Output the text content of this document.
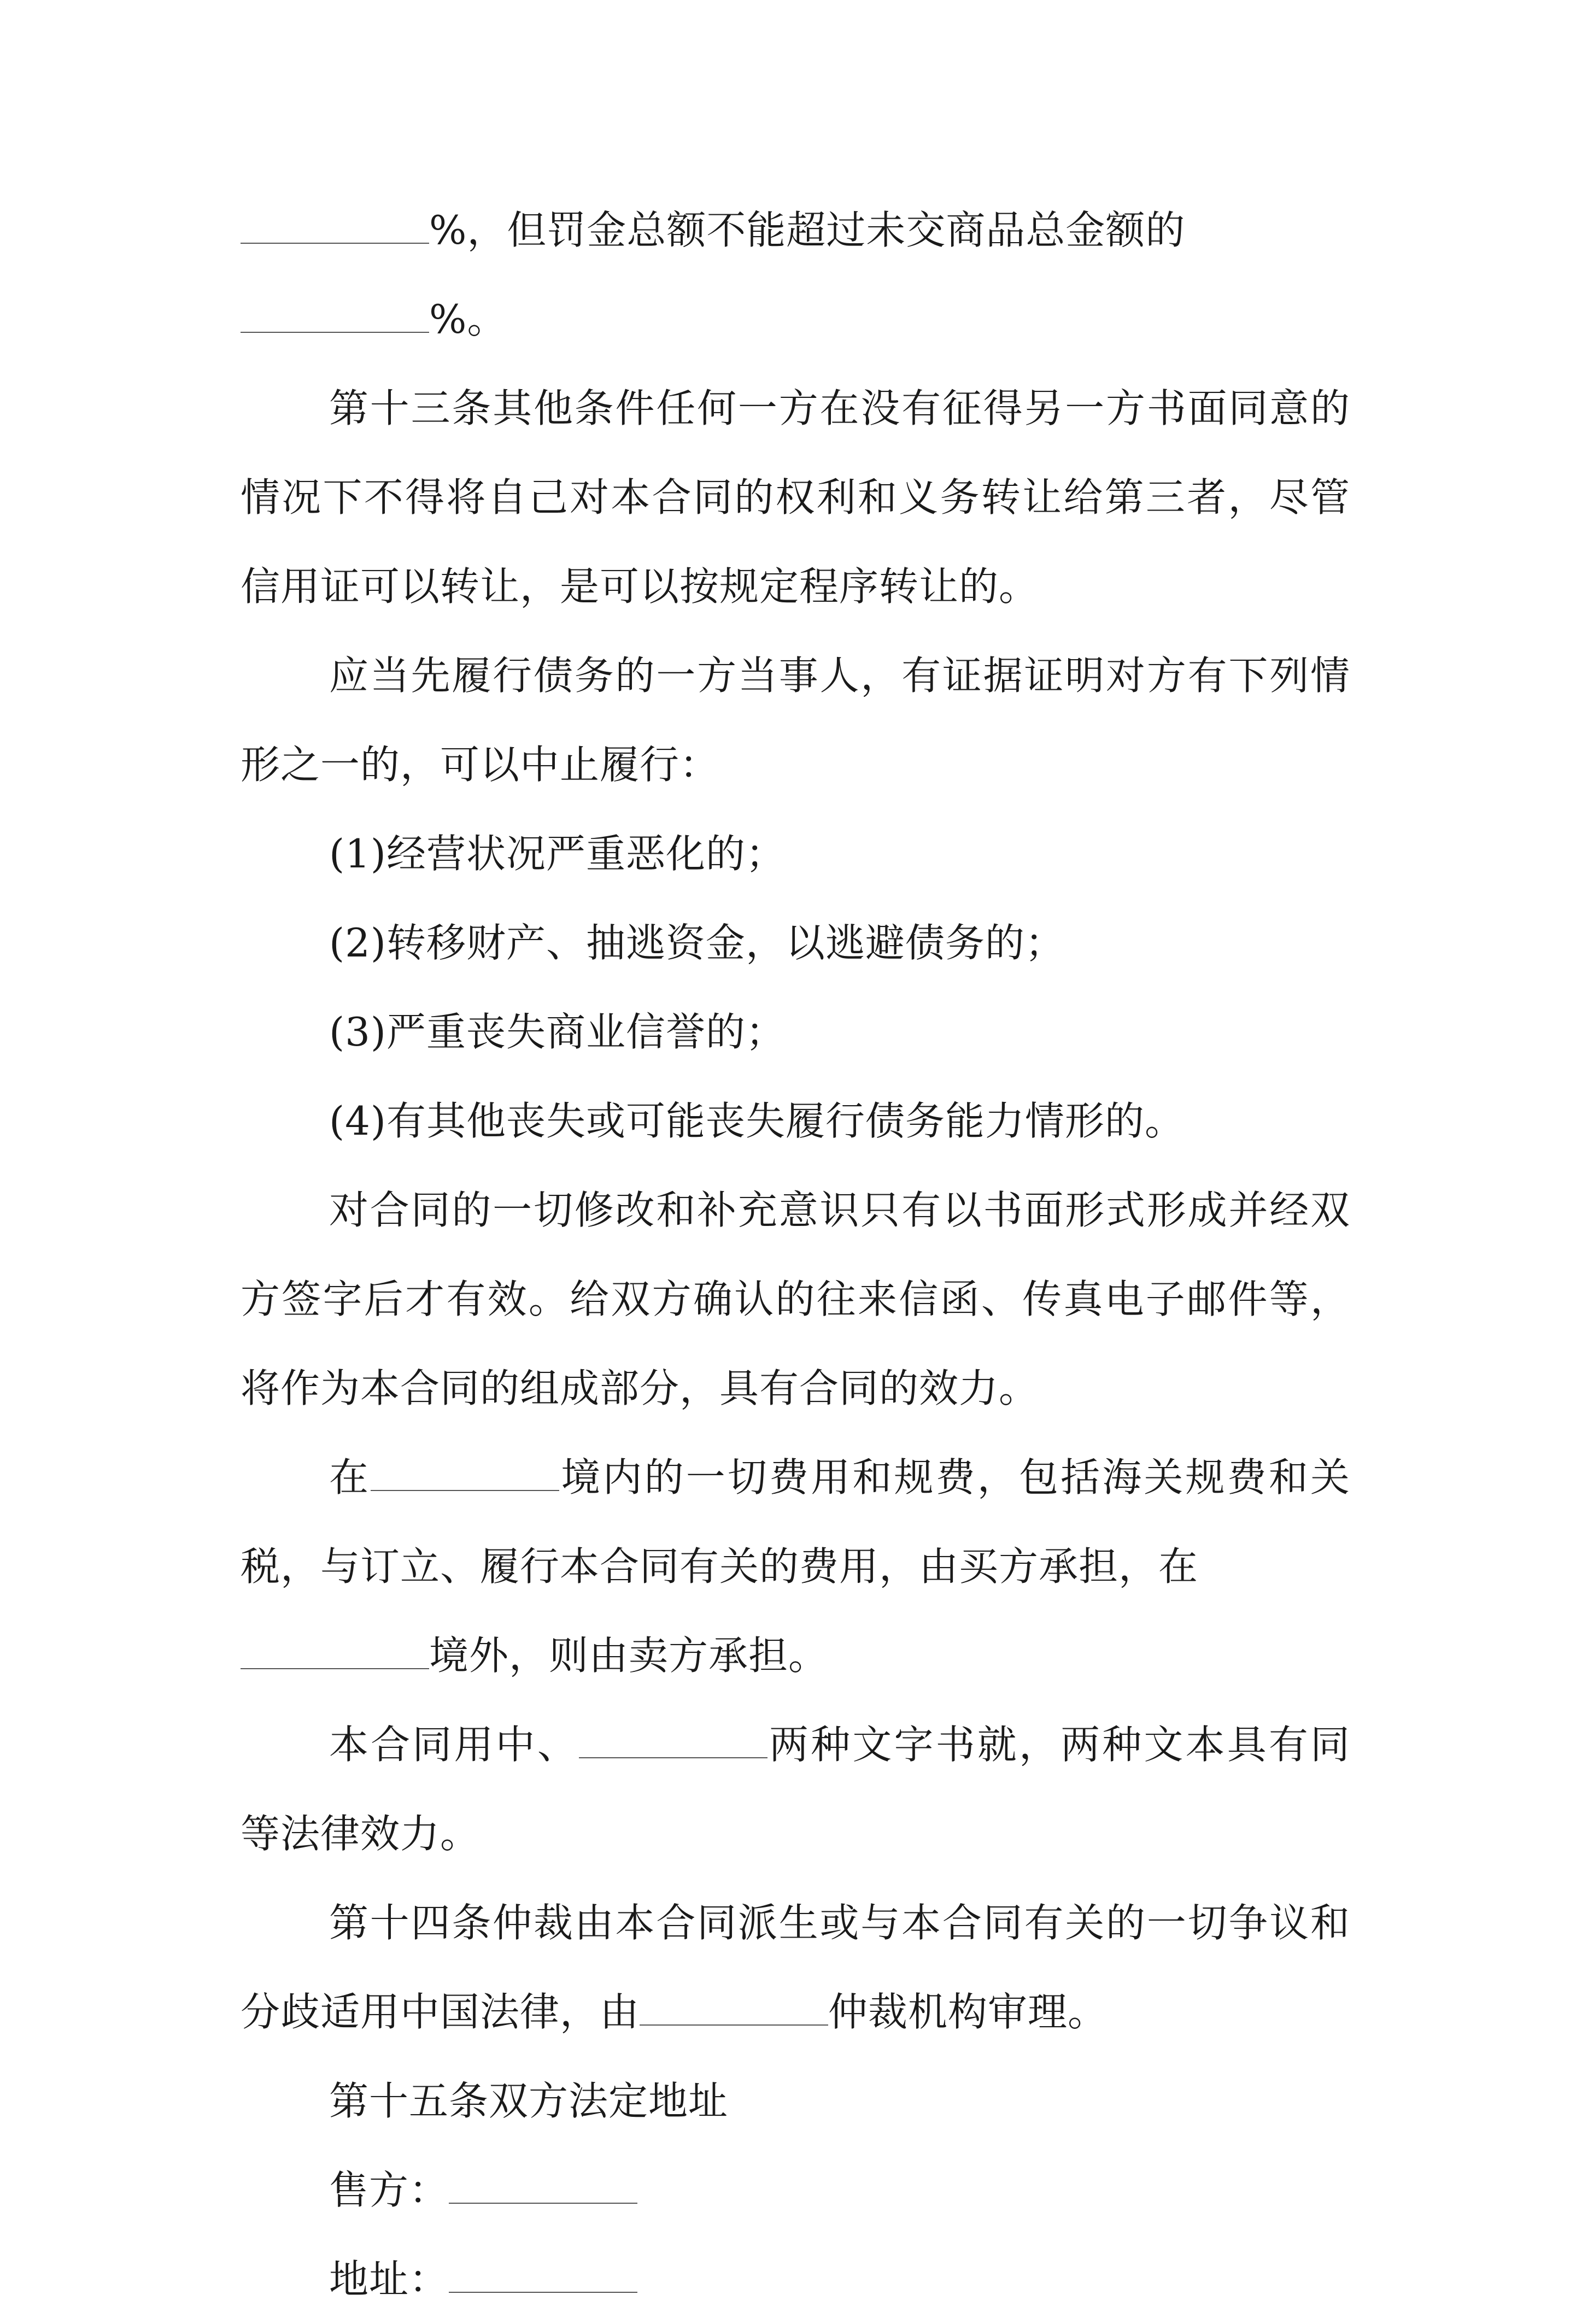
%，但罚金总额不能超过未交商品总金额的
%。

第十三条其他条件任何一方在没有征得另一方书面同意的情况下不得将自己对本合同的权利和义务转让给第三者，尽管信用证可以转让，是可以按规定程序转让的。

应当先履行债务的一方当事人，有证据证明对方有下列情形之一的，可以中止履行：

(1)经营状况严重恶化的；

(2)转移财产、抽逃资金，以逃避债务的；

(3)严重丧失商业信誉的；

(4)有其他丧失或可能丧失履行债务能力情形的。

对合同的一切修改和补充意识只有以书面形式形成并经双方签字后才有效。给双方确认的往来信函、传真电子邮件等，将作为本合同的组成部分，具有合同的效力。

在	境内的一切费用和规费，包括海关规费和关税，与订立、履行本合同有关的费用，由买方承担，在
境外，则由卖方承担。

本合同用中、	两种文字书就，两种文本具有同等法律效力。

第十四条仲裁由本合同派生或与本合同有关的一切争议和分歧适用中国法律，由	仲裁机构审理。

第十五条双方法定地址

售方：

地址：
